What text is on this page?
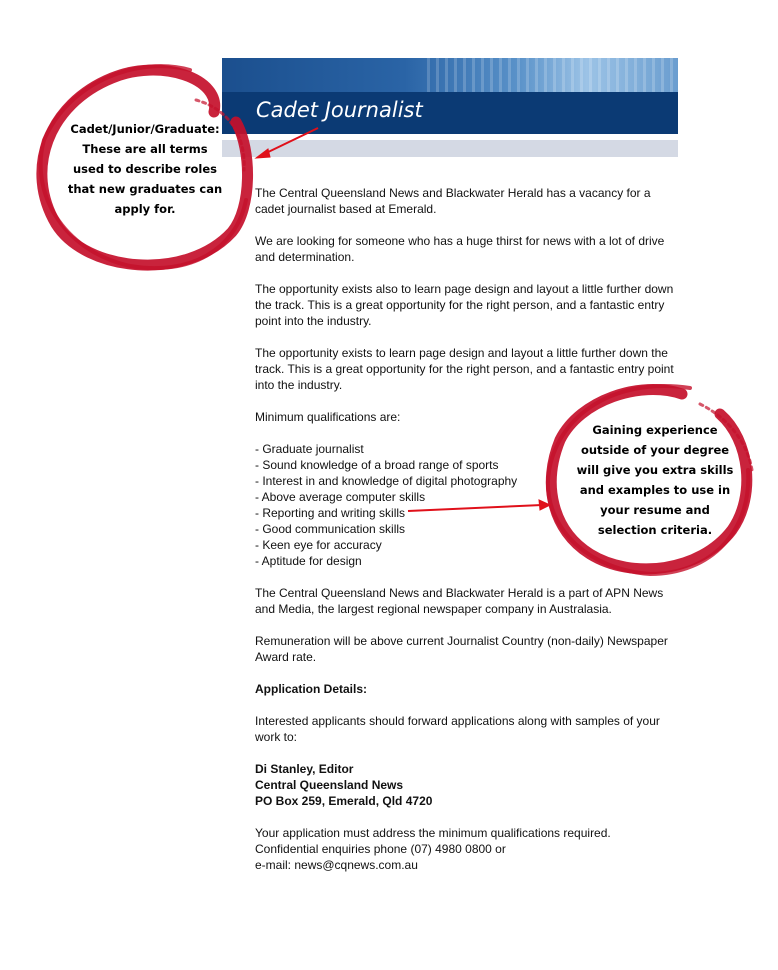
Cadet Journalist

The Central Queensland News and Blackwater Herald has a vacancy for a cadet journalist based at Emerald.

We are looking for someone who has a huge thirst for news with a lot of drive and determination.

The opportunity exists also to learn page design and layout a little further down the track. This is a great opportunity for the right person, and a fantastic entry point into the industry.

The opportunity exists to learn page design and layout a little further down the track. This is a great opportunity for the right person, and a fantastic entry point into the industry.

Minimum qualifications are:

- Graduate journalist
- Sound knowledge of a broad range of sports
- Interest in and knowledge of digital photography
- Above average computer skills
- Reporting and writing skills
- Good communication skills
- Keen eye for accuracy
- Aptitude for design

The Central Queensland News and Blackwater Herald is a part of APN News and Media, the largest regional newspaper company in Australasia.

Remuneration will be above current Journalist Country (non-daily) Newspaper Award rate.

Application Details:

Interested applicants should forward applications along with samples of your work to:

Di Stanley, Editor
Central Queensland News
PO Box 259, Emerald, Qld 4720
Your application must address the minimum qualifications required.
Confidential enquiries phone (07) 4980 0800 or
e-mail: news@cqnews.com.au
Cadet/Junior/Graduate:
These are all terms
used to describe roles
that new graduates can
apply for.
Gaining experience
outside of your degree
will give you extra skills
and examples to use in
your resume and
selection criteria.
